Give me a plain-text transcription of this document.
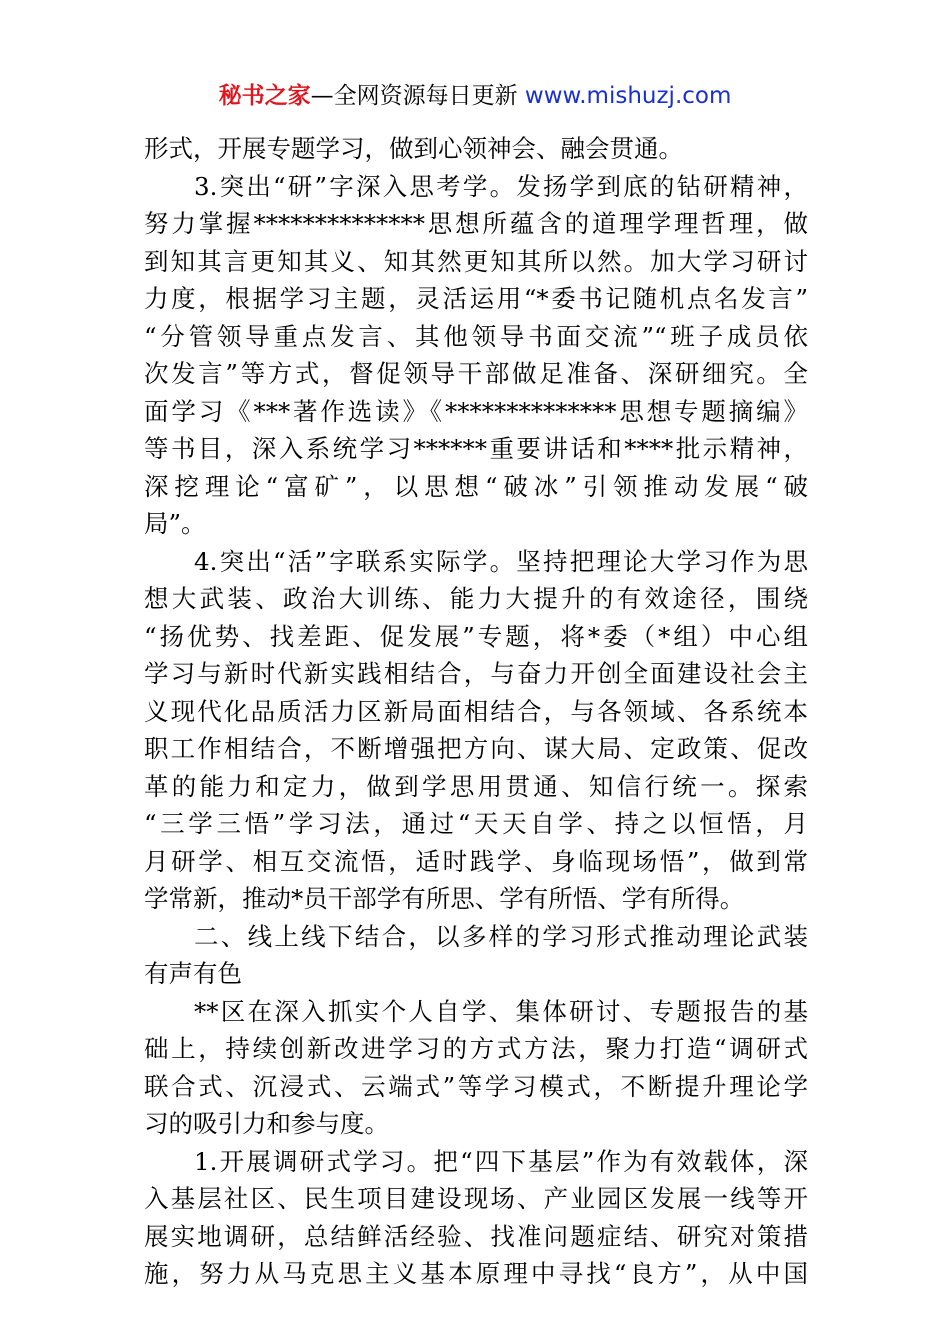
秘书之家—全网资源每日更新 www.mishuzj.com
形式，开展专题学习，做到心领神会、融会贯通。
3.突出“研”字深入思考学。发扬学到底的钻研精神，
努力掌握**************思想所蕴含的道理学理哲理，做
到知其言更知其义、知其然更知其所以然。加大学习研讨
力度，根据学习主题，灵活运用“*委书记随机点名发言”
“分管领导重点发言、其他领导书面交流”“班子成员依
次发言”等方式，督促领导干部做足准备、深研细究。全
面学习《***著作选读》《**************思想专题摘编》
等书目，深入系统学习******重要讲话和****批示精神，
深挖理论“富矿”，以思想“破冰”引领推动发展“破
局”。
4.突出“活”字联系实际学。坚持把理论大学习作为思
想大武装、政治大训练、能力大提升的有效途径，围绕
“扬优势、找差距、促发展”专题，将*委（*组）中心组
学习与新时代新实践相结合，与奋力开创全面建设社会主
义现代化品质活力区新局面相结合，与各领域、各系统本
职工作相结合，不断增强把方向、谋大局、定政策、促改
革的能力和定力，做到学思用贯通、知信行统一。探索
“三学三悟”学习法，通过“天天自学、持之以恒悟，月
月研学、相互交流悟，适时践学、身临现场悟”，做到常
学常新，推动*员干部学有所思、学有所悟、学有所得。
二、线上线下结合，以多样的学习形式推动理论武装
有声有色
**区在深入抓实个人自学、集体研讨、专题报告的基
础上，持续创新改进学习的方式方法，聚力打造“调研式
联合式、沉浸式、云端式”等学习模式，不断提升理论学
习的吸引力和参与度。
1.开展调研式学习。把“四下基层”作为有效载体，深
入基层社区、民生项目建设现场、产业园区发展一线等开
展实地调研，总结鲜活经验、找准问题症结、研究对策措
施，努力从马克思主义基本原理中寻找“良方”，从中国
